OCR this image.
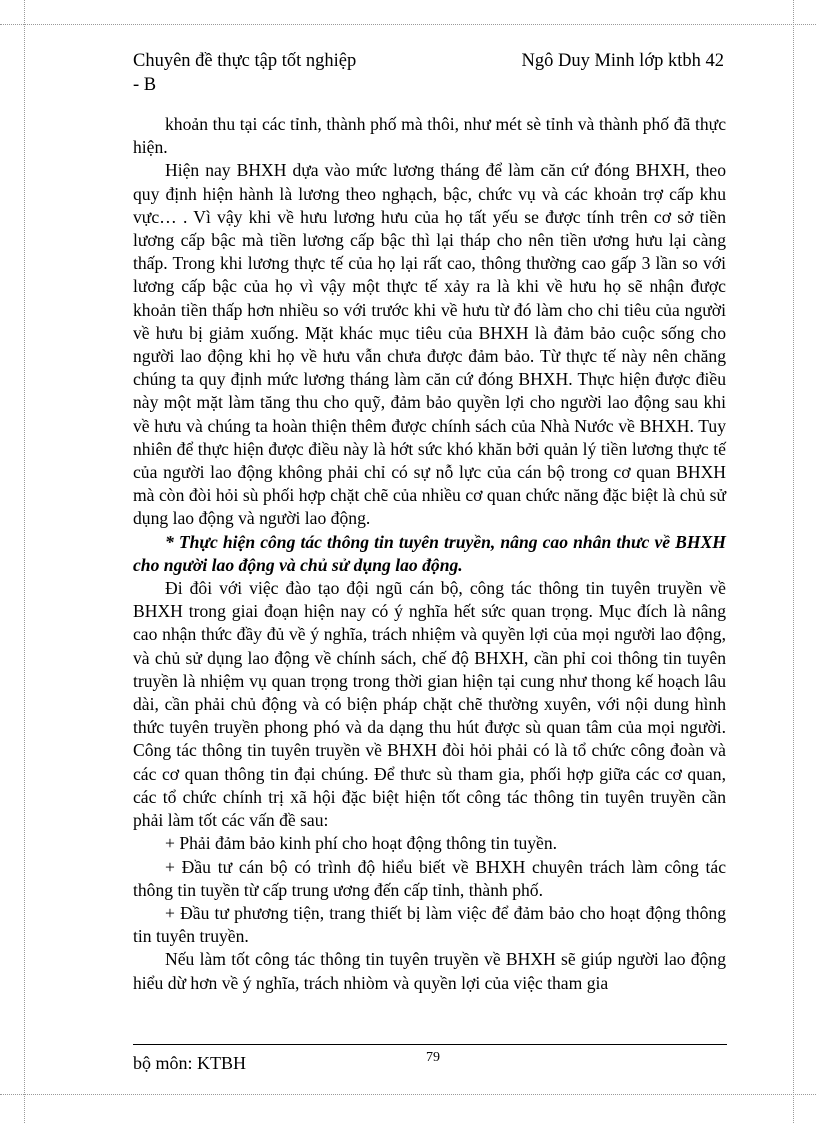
Chuyên đề thực tập tốt nghiệp	Ngô Duy Minh lớp ktbh 42
- B

khoản thu tại các tỉnh, thành phố mà thôi, như mét sè tỉnh và thành phố đã thực hiện.

Hiện nay BHXH dựa vào mức lương tháng để làm căn cứ đóng BHXH, theo quy định hiện hành là lương theo nghạch, bậc, chức vụ và các khoản trợ cấp khu vực… . Vì vậy khi về hưu lương hưu của họ tất yếu se được tính trên cơ sở tiền lương cấp bậc mà tiền lương cấp bậc thì lại tháp cho nên tiền ương hưu lại càng thấp. Trong khi lương thực tế của họ lại rất cao, thông thường cao gấp 3 lần so với lương cấp bậc của họ vì vậy một thực tế xảy ra là khi về hưu họ sẽ nhận được khoản tiền thấp hơn nhiều so với trước khi về hưu từ đó làm cho chi tiêu của người về hưu bị giảm xuống. Mặt khác mục tiêu của BHXH là đảm bảo cuộc sống cho người lao động khi họ về hưu vẫn chưa được đảm bảo. Từ thực tế này nên chăng chúng ta quy định mức lương tháng làm căn cứ đóng BHXH. Thực hiện được điều này một mặt làm tăng thu cho quỹ, đảm bảo quyền lợi cho người lao động sau khi về hưu và chúng ta hoàn thiện thêm được chính sách của Nhà Nước về BHXH. Tuy nhiên để thực hiện được điều này là hớt sức khó khăn bởi quản lý tiền lương thực tế của người lao động không phải chỉ có sự nỗ lực của cán bộ trong cơ quan BHXH mà còn đòi hỏi sù phối hợp chặt chẽ của nhiều cơ quan chức năng đặc biệt là chủ sử dụng lao động và người lao động.

* Thực hiện công tác thông tin tuyên truyền, nâng cao nhân thưc về BHXH cho người lao động và chủ sử dụng lao động.

Đi đôi với việc đào tạo đội ngũ cán bộ, công tác thông tin tuyên truyền về BHXH trong giai đoạn hiện nay có ý nghĩa hết sức quan trọng. Mục đích là nâng cao nhận thức đầy đủ về ý nghĩa, trách nhiệm và quyền lợi của mọi người lao động, và chủ sử dụng lao động về chính sách, chế độ BHXH, cần phỉ coi thông tin tuyên truyền là nhiệm vụ quan trọng trong thời gian hiện tại cung như thong kế hoạch lâu dài, cần phải chủ động và có biện pháp chặt chẽ thường xuyên, với nội dung hình thức tuyên truyền phong phó và da dạng thu hút được sù quan tâm của mọi người. Công tác thông tin tuyên truyền về BHXH đòi hỏi phải có là tổ chức công đoàn và các cơ quan thông tin đại chúng. Để thưc sù tham gia, phối hợp giữa các cơ quan, các tổ chức chính trị xã hội đặc biệt hiện tốt công tác thông tin tuyên truyền cần phải làm tốt các vấn đề sau:

+ Phải đảm bảo kinh phí cho hoạt động thông tin tuyền.

+ Đầu tư cán bộ có trình độ hiểu biết về BHXH chuyên trách làm công tác thông tin tuyền từ cấp trung ương đến cấp tỉnh, thành phố.

+ Đầu tư phương tiện, trang thiết bị làm việc để đảm bảo cho hoạt động thông tin tuyên truyền.

Nếu làm tốt công tác thông tin tuyên truyền về BHXH sẽ giúp người lao động hiểu dừ hơn về ý nghĩa, trách nhiòm và quyền lợi của việc tham gia

bộ môn: KTBH	79
